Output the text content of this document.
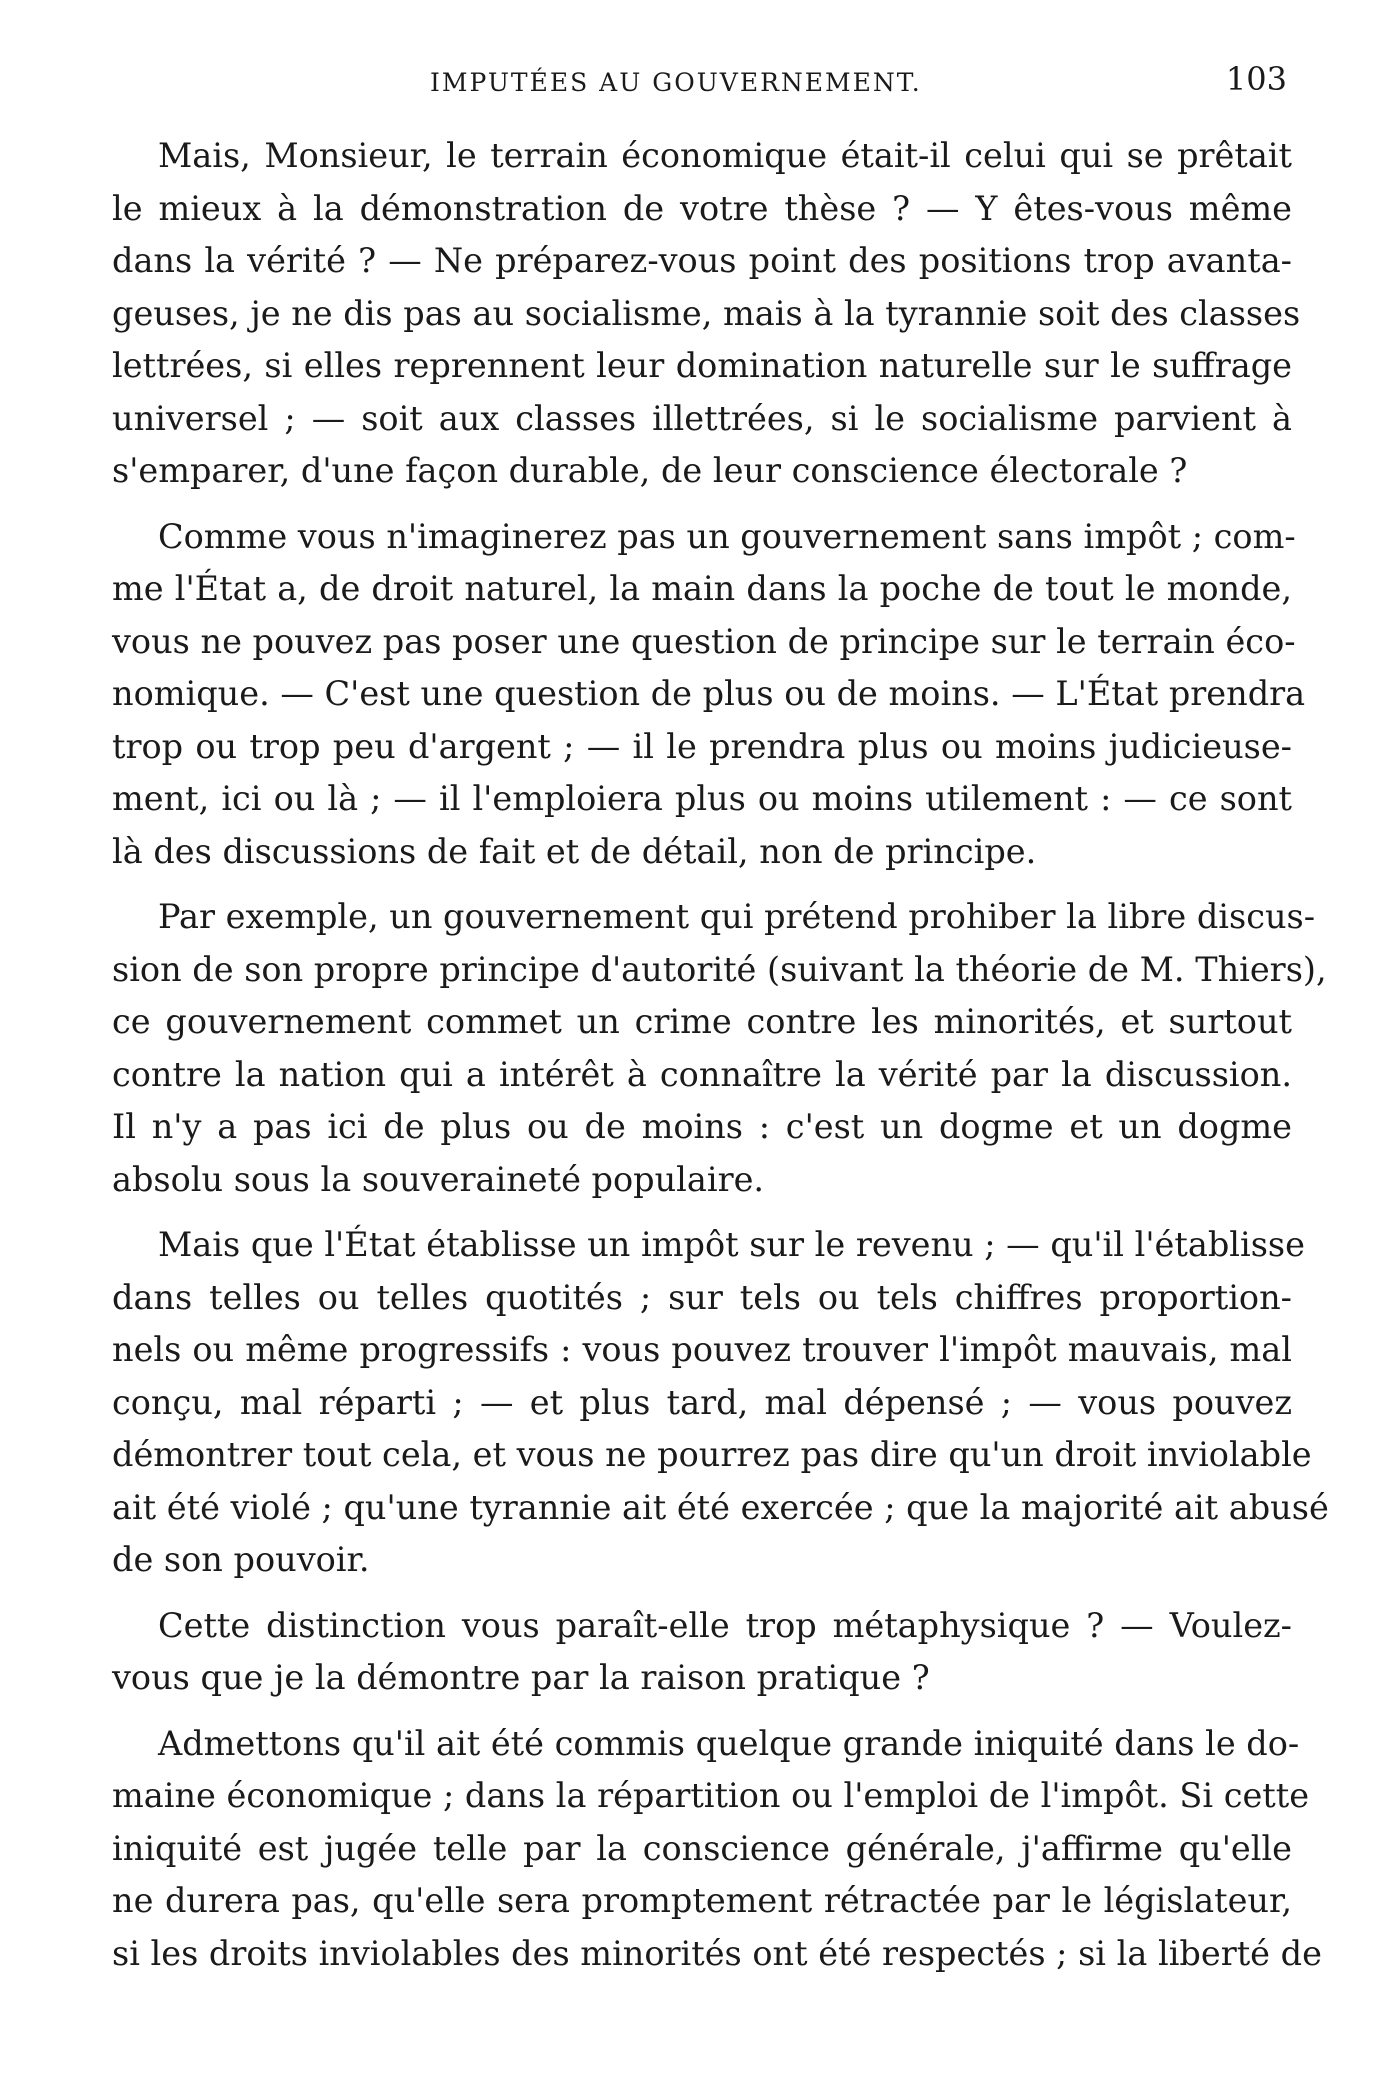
IMPUTÉES AU GOUVERNEMENT.	103
Mais, Monsieur, le terrain économique était-il celui qui se prêtait
le mieux à la démonstration de votre thèse ? — Y êtes-vous même
dans la vérité ? — Ne préparez-vous point des positions trop avanta-
geuses, je ne dis pas au socialisme, mais à la tyrannie soit des classes
lettrées, si elles reprennent leur domination naturelle sur le suffrage
universel ; — soit aux classes illettrées, si le socialisme parvient à
s'emparer, d'une façon durable, de leur conscience électorale ?
Comme vous n'imaginerez pas un gouvernement sans impôt ; com-
me l'État a, de droit naturel, la main dans la poche de tout le monde,
vous ne pouvez pas poser une question de principe sur le terrain éco-
nomique. — C'est une question de plus ou de moins. — L'État prendra
trop ou trop peu d'argent ; — il le prendra plus ou moins judicieuse-
ment, ici ou là ; — il l'emploiera plus ou moins utilement : — ce sont
là des discussions de fait et de détail, non de principe.
Par exemple, un gouvernement qui prétend prohiber la libre discus-
sion de son propre principe d'autorité (suivant la théorie de M. Thiers),
ce gouvernement commet un crime contre les minorités, et surtout
contre la nation qui a intérêt à connaître la vérité par la discussion.
Il n'y a pas ici de plus ou de moins : c'est un dogme et un dogme
absolu sous la souveraineté populaire.
Mais que l'État établisse un impôt sur le revenu ; — qu'il l'établisse
dans telles ou telles quotités ; sur tels ou tels chiffres proportion-
nels ou même progressifs : vous pouvez trouver l'impôt mauvais, mal
conçu, mal réparti ; — et plus tard, mal dépensé ; — vous pouvez
démontrer tout cela, et vous ne pourrez pas dire qu'un droit inviolable
ait été violé ; qu'une tyrannie ait été exercée ; que la majorité ait abusé
de son pouvoir.
Cette distinction vous paraît-elle trop métaphysique ? — Voulez-
vous que je la démontre par la raison pratique ?
Admettons qu'il ait été commis quelque grande iniquité dans le do-
maine économique ; dans la répartition ou l'emploi de l'impôt. Si cette
iniquité est jugée telle par la conscience générale, j'affirme qu'elle
ne durera pas, qu'elle sera promptement rétractée par le législateur,
si les droits inviolables des minorités ont été respectés ; si la liberté de
